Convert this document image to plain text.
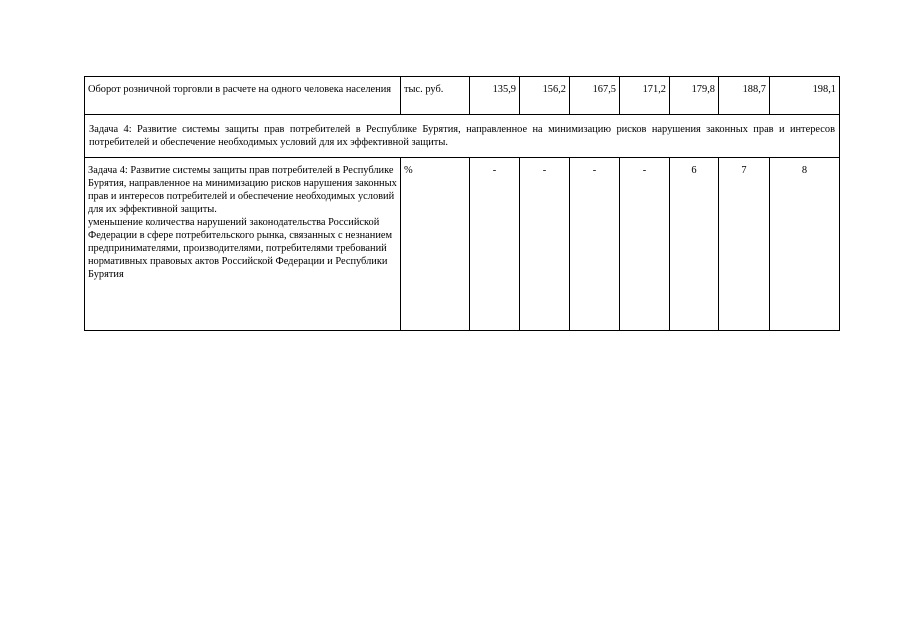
Оборот розничной торговли в расчете на одного человека населения	тыс. руб.	135,9	156,2	167,5	171,2	179,8	188,7	198,1
Задача 4: Развитие системы защиты прав потребителей в Республике Бурятия, направленное на минимизацию рисков нарушения законных прав и интересов потребителей и обеспечение необходимых условий для их эффективной защиты.								

Задача 4: Развитие системы защиты прав потребителей в Республике Бурятия, направленное на минимизацию рисков нарушения законных прав и интересов потребителей и обеспечение необходимых условий для их эффективной защиты.
уменьшение количества нарушений законодательства Российской Федерации в сфере потребительского рынка, связанных с незнанием предпринимателями, производителями, потребителями требований нормативных правовых актов Российской Федерации и Республики Бурятия	%	-	-	-	-	6	7	8
